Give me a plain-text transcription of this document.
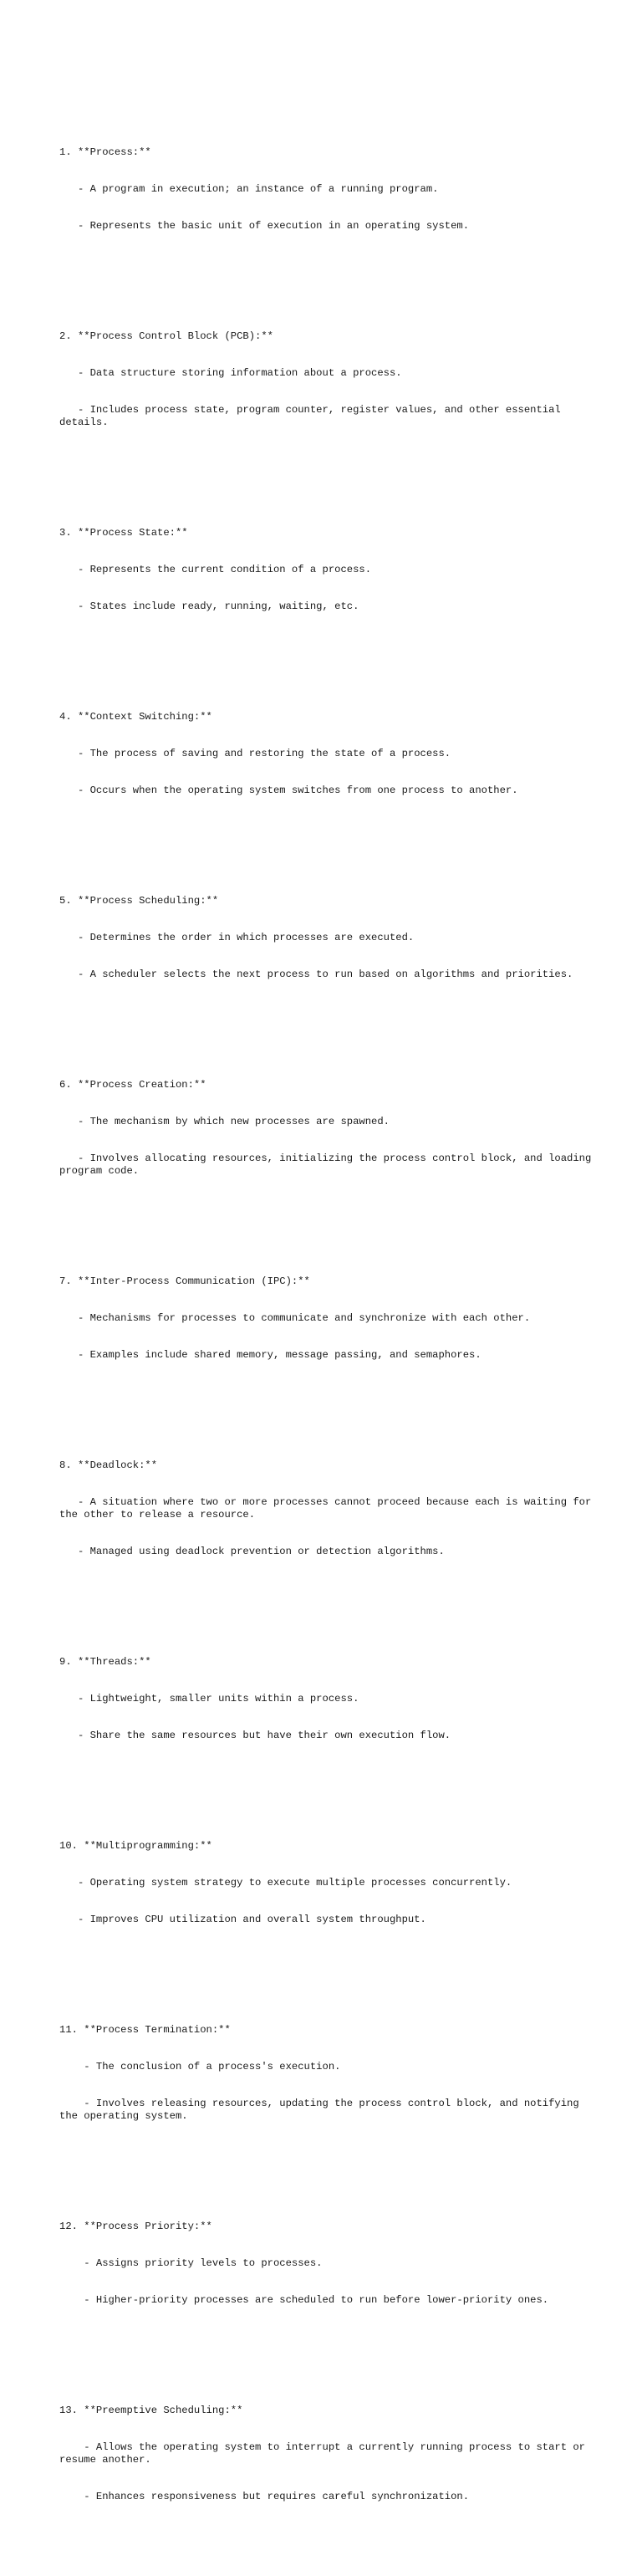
1. **Process:**

- A program in execution; an instance of a running program.

- Represents the basic unit of execution in an operating system.

2. **Process Control Block (PCB):**

- Data structure storing information about a process.

- Includes process state, program counter, register values, and other essential details.

3. **Process State:**

- Represents the current condition of a process.

- States include ready, running, waiting, etc.

4. **Context Switching:**

- The process of saving and restoring the state of a process.

- Occurs when the operating system switches from one process to another.

5. **Process Scheduling:**

- Determines the order in which processes are executed.

- A scheduler selects the next process to run based on algorithms and priorities.

6. **Process Creation:**

- The mechanism by which new processes are spawned.

- Involves allocating resources, initializing the process control block, and loading program code.

7. **Inter-Process Communication (IPC):**

- Mechanisms for processes to communicate and synchronize with each other.

- Examples include shared memory, message passing, and semaphores.

8. **Deadlock:**

- A situation where two or more processes cannot proceed because each is waiting for the other to release a resource.

- Managed using deadlock prevention or detection algorithms.

9. **Threads:**

- Lightweight, smaller units within a process.

- Share the same resources but have their own execution flow.

10. **Multiprogramming:**

- Operating system strategy to execute multiple processes concurrently.

- Improves CPU utilization and overall system throughput.

11. **Process Termination:**

- The conclusion of a process's execution.

- Involves releasing resources, updating the process control block, and notifying the operating system.

12. **Process Priority:**

- Assigns priority levels to processes.

- Higher-priority processes are scheduled to run before lower-priority ones.

13. **Preemptive Scheduling:**

- Allows the operating system to interrupt a currently running process to start or resume another.

- Enhances responsiveness but requires careful synchronization.
